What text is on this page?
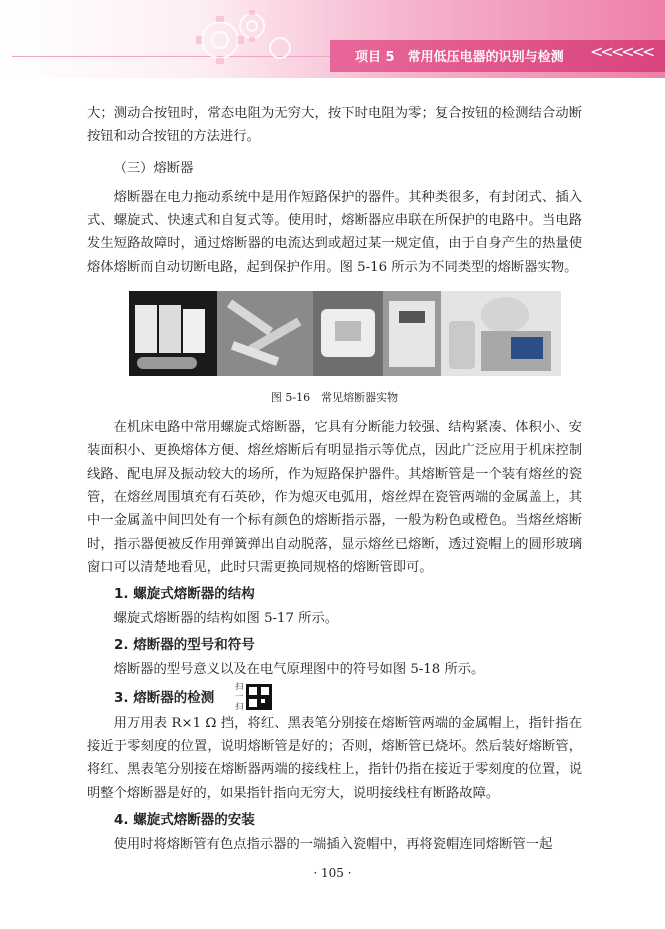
项目 5　常用低压电器的识别与检测 <<<<<<

大；测动合按钮时，常态电阻为无穷大，按下时电阻为零；复合按钮的检测结合动断按钮和动合按钮的方法进行。

（三）熔断器

熔断器在电力拖动系统中是用作短路保护的器件。其种类很多，有封闭式、插入式、螺旋式、快速式和自复式等。使用时，熔断器应串联在所保护的电路中。当电路发生短路故障时，通过熔断器的电流达到或超过某一规定值，由于自身产生的热量使熔体熔断而自动切断电路，起到保护作用。图 5-16 所示为不同类型的熔断器实物。

图 5-16　常见熔断器实物

在机床电路中常用螺旋式熔断器，它具有分断能力较强、结构紧凑、体积小、安装面积小、更换熔体方便、熔丝熔断后有明显指示等优点，因此广泛应用于机床控制线路、配电屏及振动较大的场所，作为短路保护器件。其熔断管是一个装有熔丝的瓷管，在熔丝周围填充有石英砂，作为熄灭电弧用，熔丝焊在瓷管两端的金属盖上，其中一金属盖中间凹处有一个标有颜色的熔断指示器，一般为粉色或橙色。当熔丝熔断时，指示器便被反作用弹簧弹出自动脱落，显示熔丝已熔断，透过瓷帽上的圆形玻璃窗口可以清楚地看见，此时只需更换同规格的熔断管即可。

1. 螺旋式熔断器的结构

螺旋式熔断器的结构如图 5-17 所示。

2. 熔断器的型号和符号

熔断器的型号意义以及在电气原理图中的符号如图 5-18 所示。

3. 熔断器的检测
扫一扫

用万用表 R×1 Ω 挡，将红、黑表笔分别接在熔断管两端的金属帽上，指针指在接近于零刻度的位置，说明熔断管是好的；否则，熔断管已烧坏。然后装好熔断管，将红、黑表笔分别接在熔断器两端的接线柱上，指针仍指在接近于零刻度的位置，说明整个熔断器是好的，如果指针指向无穷大，说明接线柱有断路故障。

4. 螺旋式熔断器的安装

使用时将熔断管有色点指示器的一端插入瓷帽中，再将瓷帽连同熔断管一起

· 105 ·
